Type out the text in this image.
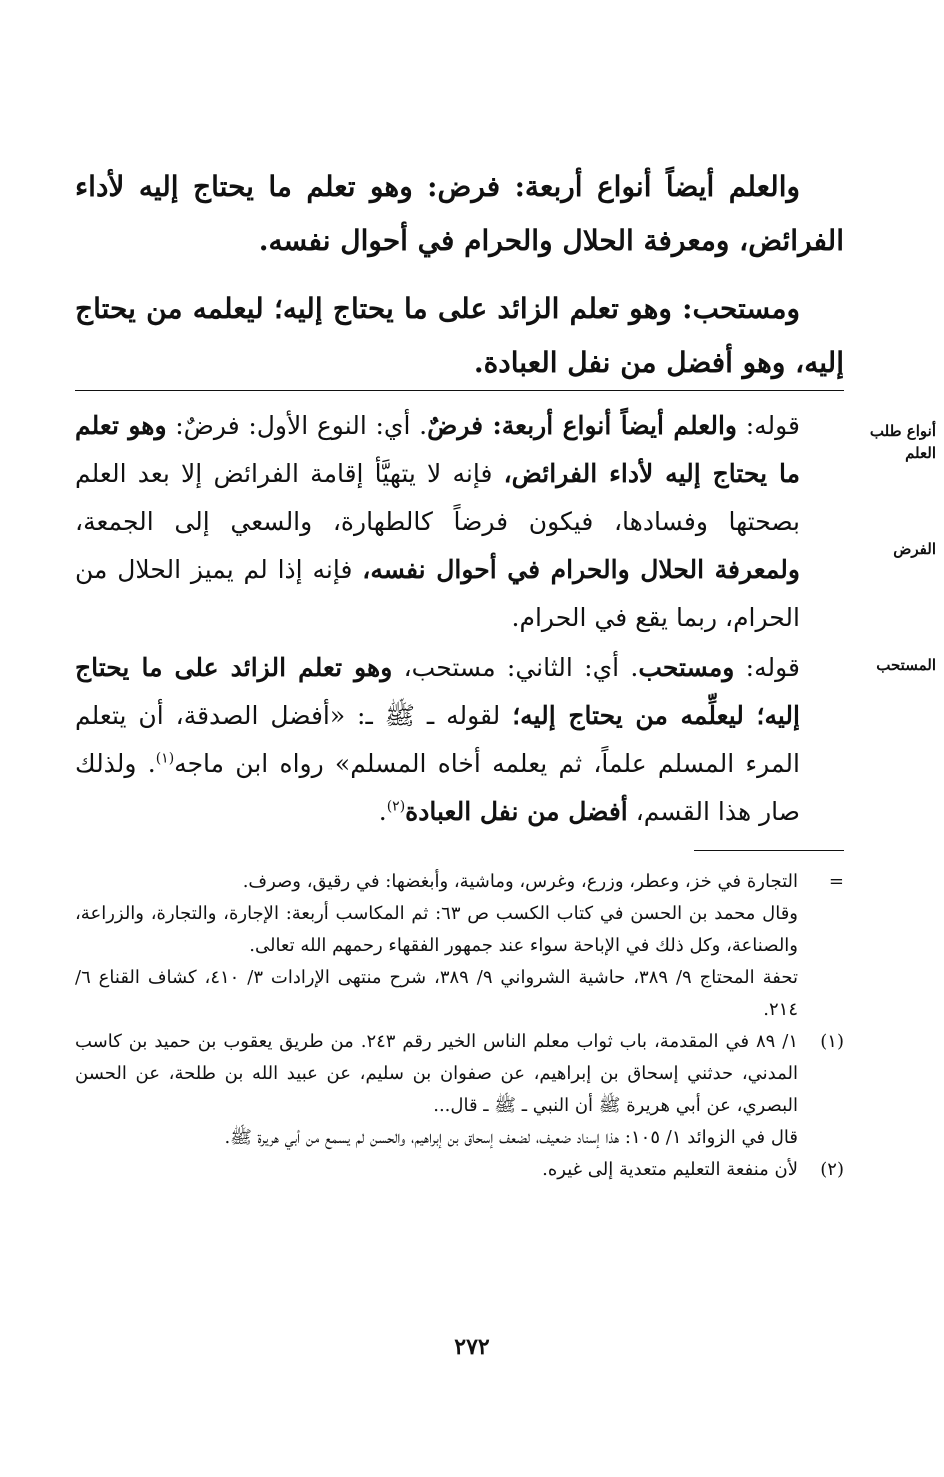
والعلم أيضاً أنواع أربعة: فرض: وهو تعلم ما يحتاج إليه لأداء الفرائض، ومعرفة الحلال والحرام في أحوال نفسه.

ومستحب: وهو تعلم الزائد على ما يحتاج إليه؛ ليعلمه من يحتاج إليه، وهو أفضل من نفل العبادة.

أنواع طلب العلم
الفرض
المستحب

قوله: والعلم أيضاً أنواع أربعة: فرضٌ. أي: النوع الأول: فرضٌ: وهو تعلم ما يحتاج إليه لأداء الفرائض، فإنه لا يتهيَّأ إقامة الفرائض إلا بعد العلم بصحتها وفسادها، فيكون فرضاً كالطهارة، والسعي إلى الجمعة، ولمعرفة الحلال والحرام في أحوال نفسه، فإنه إذا لم يميز الحلال من الحرام، ربما يقع في الحرام.

قوله: ومستحب. أي: الثاني: مستحب، وهو تعلم الزائد على ما يحتاج إليه؛ ليعلِّمه من يحتاج إليه؛ لقوله ـ ﷺ ـ: «أفضل الصدقة، أن يتعلم المرء المسلم علماً، ثم يعلمه أخاه المسلم» رواه ابن ماجه$^{(١)}$. ولذلك صار هذا القسم، أفضل من نفل العبادة$^{(٢)}$.

=
التجارة في خز، وعطر، وزرع، وغرس، وماشية، وأبغضها: في رقيق، وصرف.
وقال محمد بن الحسن في كتاب الكسب ص ٦٣: ثم المكاسب أربعة: الإجارة، والتجارة، والزراعة، والصناعة، وكل ذلك في الإباحة سواء عند جمهور الفقهاء رحمهم الله تعالى.
تحفة المحتاج ٩/ ٣٨٩، حاشية الشرواني ٩/ ٣٨٩، شرح منتهى الإرادات ٣/ ٤١٠، كشاف القناع ٦/ ٢١٤.
(١)
١/ ٨٩ في المقدمة، باب ثواب معلم الناس الخير رقم ٢٤٣. من طريق يعقوب بن حميد بن كاسب المدني، حدثني إسحاق بن إبراهيم، عن صفوان بن سليم، عن عبيد الله بن طلحة، عن الحسن البصري، عن أبي هريرة ﷺ أن النبي ـ ﷺ ـ قال...
قال في الزوائد ١/ ١٠٥: هذا إسناد ضعيف، لضعف إسحاق بن إبراهيم، والحسن لم يسمع من أبي هريرة ﷺ.
(٢)
لأن منفعة التعليم متعدية إلى غيره.
٢٧٢
